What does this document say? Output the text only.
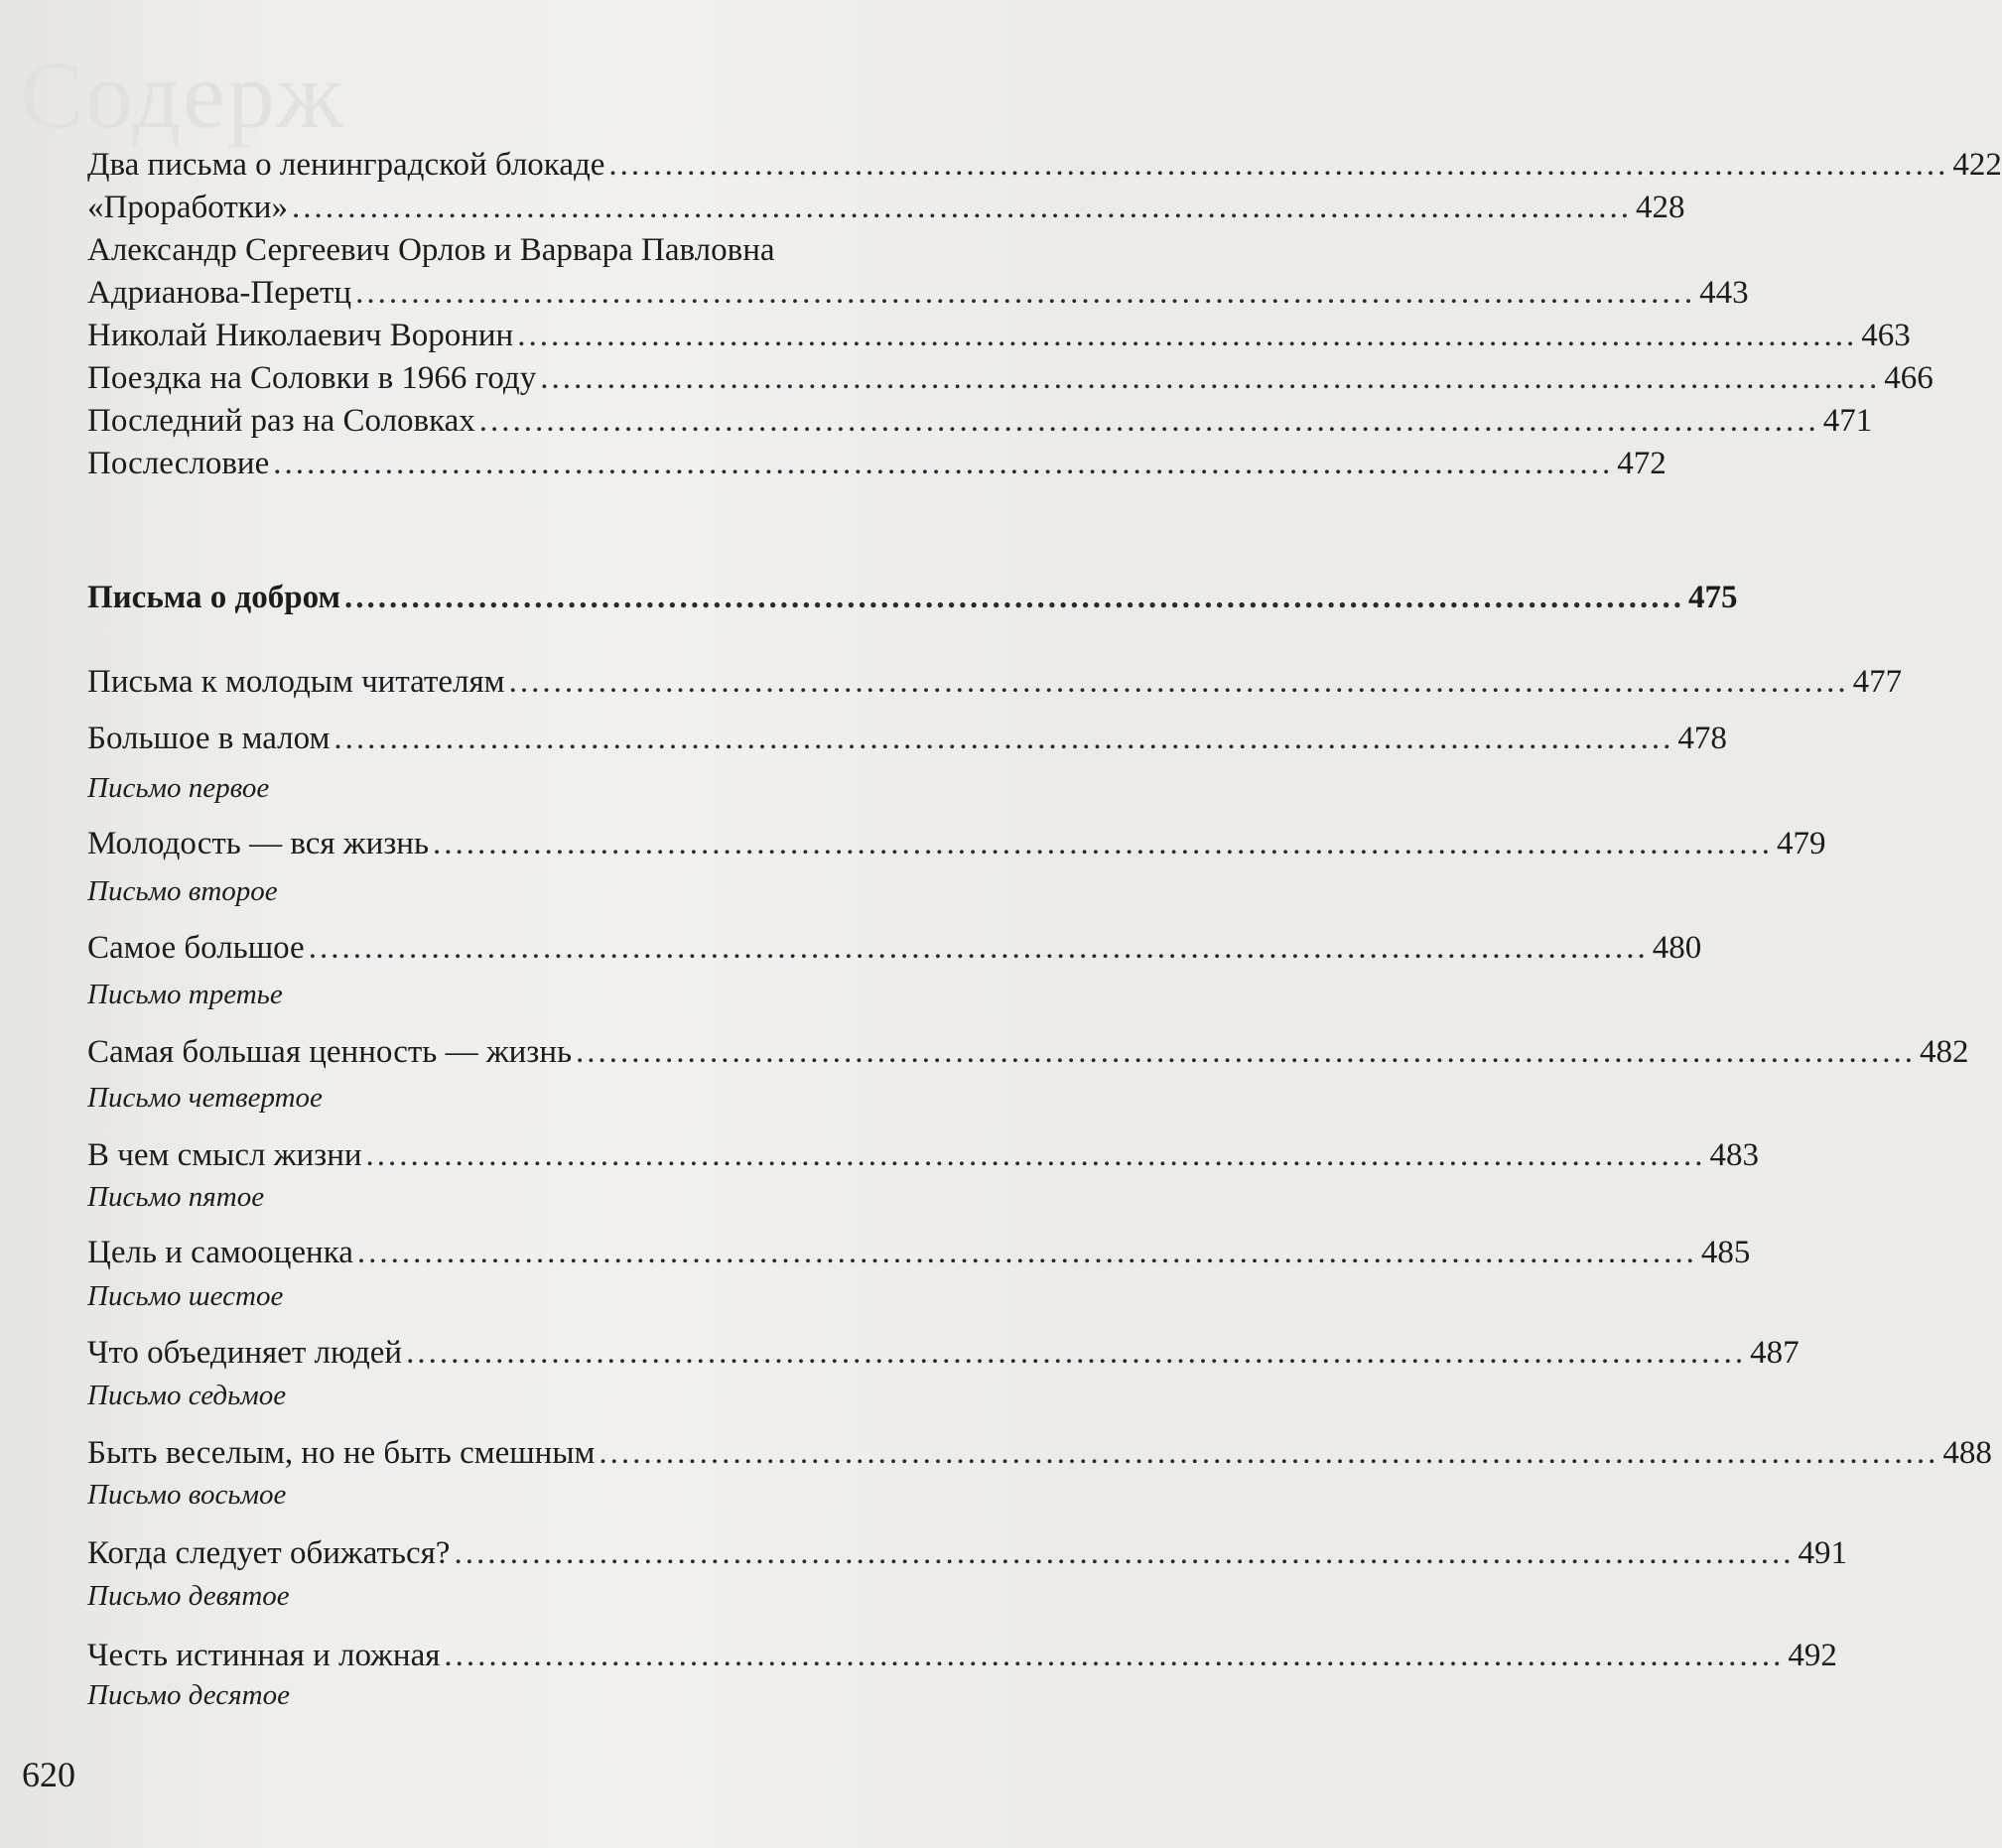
Содерж
Два письма о ленинградской блокаде ........................................................................................................................ 422
«Проработки» ........................................................................................................................ 428
Александр Сергеевич Орлов и Варвара Павловна
Адрианова-Перетц ........................................................................................................................ 443
Николай Николаевич Воронин ........................................................................................................................ 463
Поездка на Соловки в 1966 году ........................................................................................................................ 466
Последний раз на Соловках ........................................................................................................................ 471
Послесловие ........................................................................................................................ 472
Письма о добром ........................................................................................................................ 475
Письма к молодым читателям ........................................................................................................................ 477
Большое в малом ........................................................................................................................ 478
Письмо первое
Молодость — вся жизнь ........................................................................................................................ 479
Письмо второе
Самое большое ........................................................................................................................ 480
Письмо третье
Самая большая ценность — жизнь ........................................................................................................................ 482
Письмо четвертое
В чем смысл жизни ........................................................................................................................ 483
Письмо пятое
Цель и самооценка ........................................................................................................................ 485
Письмо шестое
Что объединяет людей ........................................................................................................................ 487
Письмо седьмое
Быть веселым, но не быть смешным ........................................................................................................................ 488
Письмо восьмое
Когда следует обижаться? ........................................................................................................................ 491
Письмо девятое
Честь истинная и ложная ........................................................................................................................ 492
Письмо десятое
620
